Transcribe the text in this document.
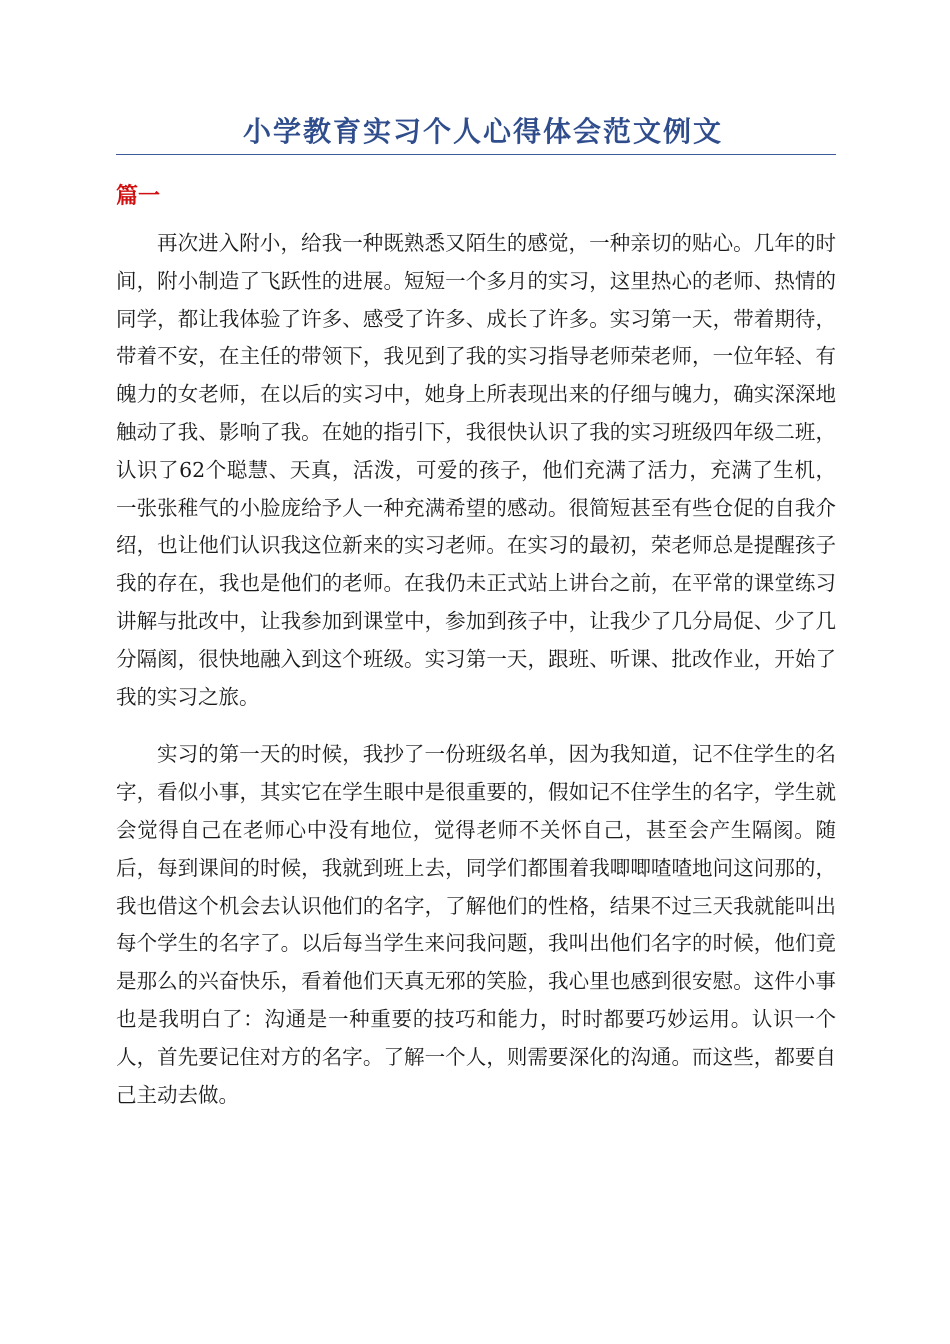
小学教育实习个人心得体会范文例文
篇一

再次进入附小，给我一种既熟悉又陌生的感觉，一种亲切的贴心。几年的时间，附小制造了飞跃性的进展。短短一个多月的实习，这里热心的老师、热情的同学，都让我体验了许多、感受了许多、成长了许多。实习第一天，带着期待，带着不安，在主任的带领下，我见到了我的实习指导老师荣老师，一位年轻、有魄力的女老师，在以后的实习中，她身上所表现出来的仔细与魄力，确实深深地触动了我、影响了我。在她的指引下，我很快认识了我的实习班级四年级二班，认识了62个聪慧、天真，活泼，可爱的孩子，他们充满了活力，充满了生机，一张张稚气的小脸庞给予人一种充满希望的感动。很简短甚至有些仓促的自我介绍，也让他们认识我这位新来的实习老师。在实习的最初，荣老师总是提醒孩子我的存在，我也是他们的老师。在我仍未正式站上讲台之前，在平常的课堂练习讲解与批改中，让我参加到课堂中，参加到孩子中，让我少了几分局促、少了几分隔阂，很快地融入到这个班级。实习第一天，跟班、听课、批改作业，开始了我的实习之旅。

实习的第一天的时候，我抄了一份班级名单，因为我知道，记不住学生的名字，看似小事，其实它在学生眼中是很重要的，假如记不住学生的名字，学生就会觉得自己在老师心中没有地位，觉得老师不关怀自己，甚至会产生隔阂。随后，每到课间的时候，我就到班上去，同学们都围着我唧唧喳喳地问这问那的，我也借这个机会去认识他们的名字，了解他们的性格，结果不过三天我就能叫出每个学生的名字了。以后每当学生来问我问题，我叫出他们名字的时候，他们竟是那么的兴奋快乐，看着他们天真无邪的笑脸，我心里也感到很安慰。这件小事也是我明白了：沟通是一种重要的技巧和能力，时时都要巧妙运用。认识一个人，首先要记住对方的名字。了解一个人，则需要深化的沟通。而这些，都要自己主动去做。
